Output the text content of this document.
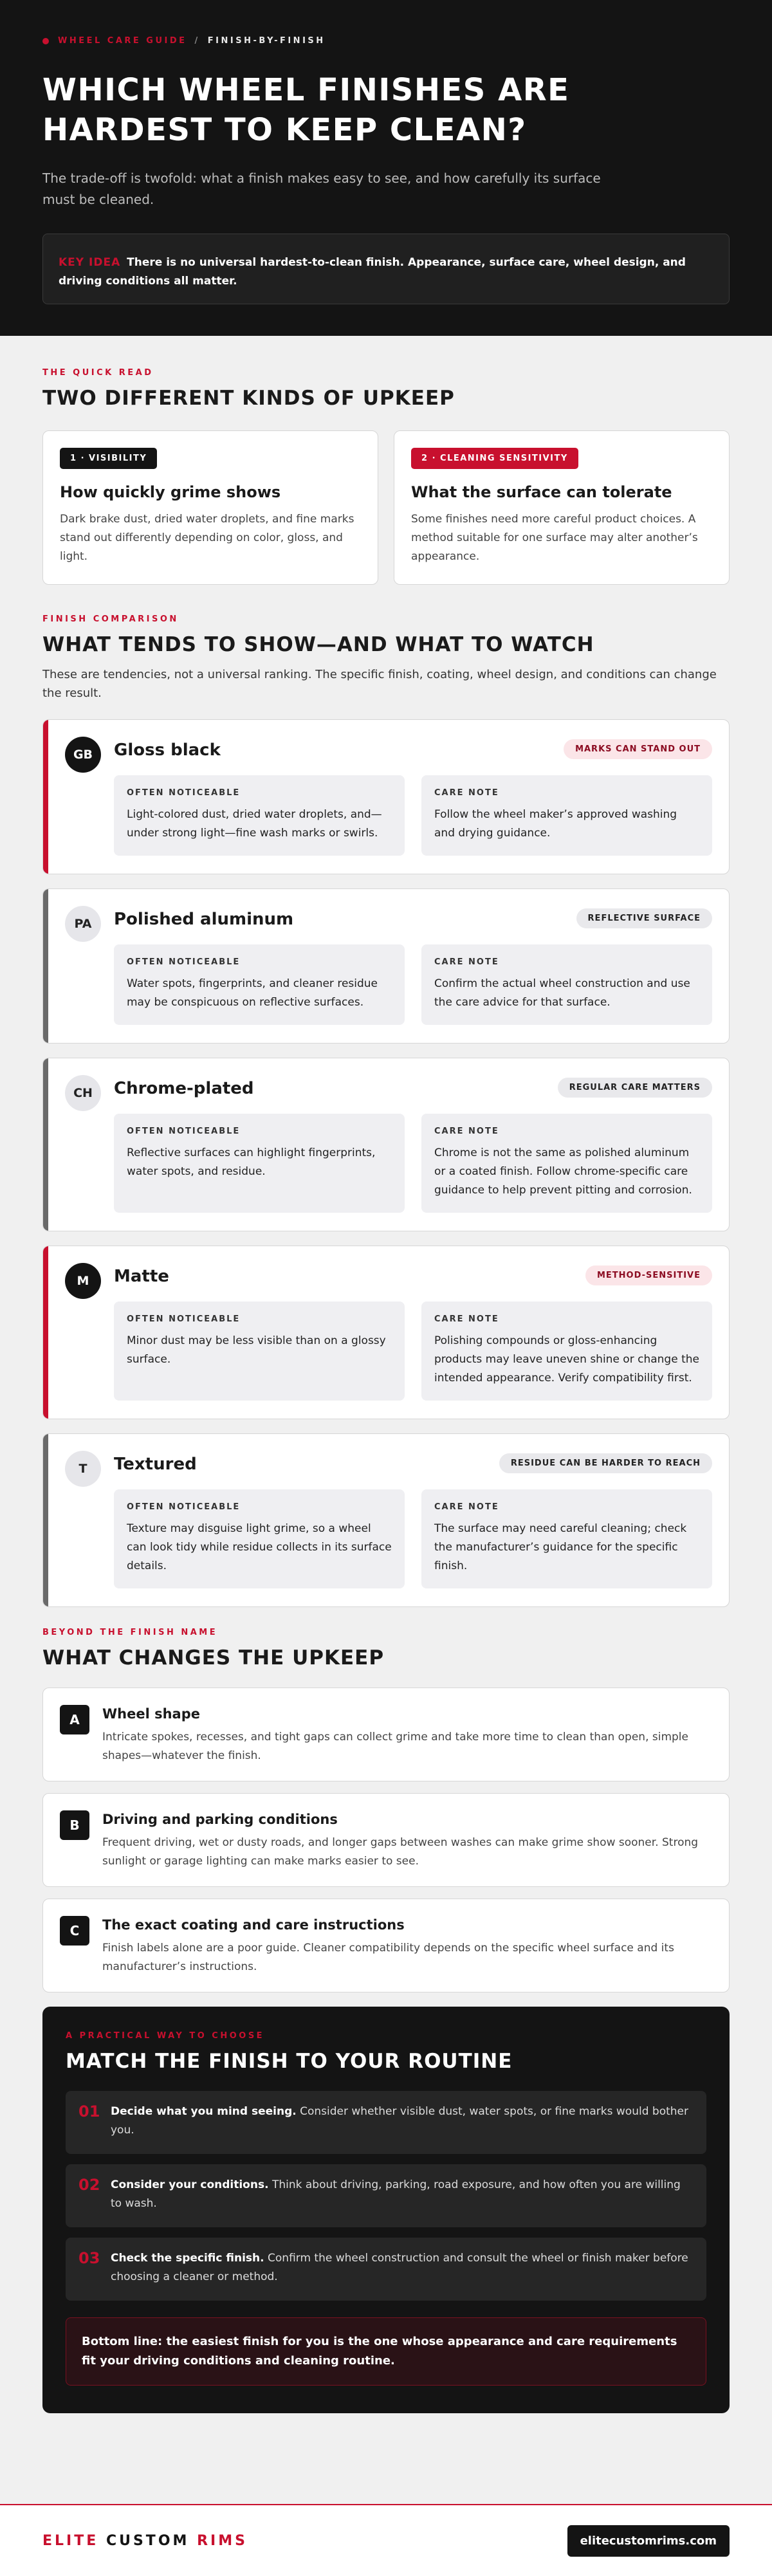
WHEEL CARE GUIDE / FINISH-BY-FINISH
WHICH WHEEL FINISHES ARE HARDEST TO KEEP CLEAN?

The trade-off is twofold: what a finish makes easy to see, and how carefully its surface must be cleaned.

KEY IDEA There is no universal hardest-to-clean finish. Appearance, surface care, wheel design, and driving conditions all matter.
THE QUICK READ
TWO DIFFERENT KINDS OF UPKEEP
1 · VISIBILITY
How quickly grime shows

Dark brake dust, dried water droplets, and fine marks stand out differently depending on color, gloss, and light.

2 · CLEANING SENSITIVITY
What the surface can tolerate

Some finishes need more careful product choices. A method suitable for one surface may alter another’s appearance.

FINISH COMPARISON
WHAT TENDS TO SHOW—AND WHAT TO WATCH

These are tendencies, not a universal ranking. The specific finish, coating, wheel design, and conditions can change the result.

GB	Gloss black	MARKS CAN STAND OUT
OFTEN NOTICEABLE

Light-colored dust, dried water droplets, and—under strong light—fine wash marks or swirls.

CARE NOTE

Follow the wheel maker’s approved washing and drying guidance.

PA	Polished aluminum	REFLECTIVE SURFACE
OFTEN NOTICEABLE

Water spots, fingerprints, and cleaner residue may be conspicuous on reflective surfaces.

CARE NOTE

Confirm the actual wheel construction and use the care advice for that surface.

CH	Chrome-plated	REGULAR CARE MATTERS
OFTEN NOTICEABLE

Reflective surfaces can highlight fingerprints, water spots, and residue.

CARE NOTE

Chrome is not the same as polished aluminum or a coated finish. Follow chrome-specific care guidance to help prevent pitting and corrosion.

M	Matte	METHOD-SENSITIVE
OFTEN NOTICEABLE

Minor dust may be less visible than on a glossy surface.

CARE NOTE

Polishing compounds or gloss-enhancing products may leave uneven shine or change the intended appearance. Verify compatibility first.

T	Textured	RESIDUE CAN BE HARDER TO REACH
OFTEN NOTICEABLE

Texture may disguise light grime, so a wheel can look tidy while residue collects in its surface details.

CARE NOTE

The surface may need careful cleaning; check the manufacturer’s guidance for the specific finish.

BEYOND THE FINISH NAME
WHAT CHANGES THE UPKEEP
A	Wheel shape

Intricate spokes, recesses, and tight gaps can collect grime and take more time to clean than open, simple shapes—whatever the finish.

B	Driving and parking conditions

Frequent driving, wet or dusty roads, and longer gaps between washes can make grime show sooner. Strong sunlight or garage lighting can make marks easier to see.

C	The exact coating and care instructions

Finish labels alone are a poor guide. Cleaner compatibility depends on the specific wheel surface and its manufacturer’s instructions.

A PRACTICAL WAY TO CHOOSE
MATCH THE FINISH TO YOUR ROUTINE
01 Decide what you mind seeing. Consider whether visible dust, water spots, or fine marks would bother you.
02 Consider your conditions. Think about driving, parking, road exposure, and how often you are willing to wash.
03 Check the specific finish. Confirm the wheel construction and consult the wheel or finish maker before choosing a cleaner or method.
Bottom line: the easiest finish for you is the one whose appearance and care requirements fit your driving conditions and cleaning routine.
ELITE CUSTOM RIMS	elitecustomrims.com
